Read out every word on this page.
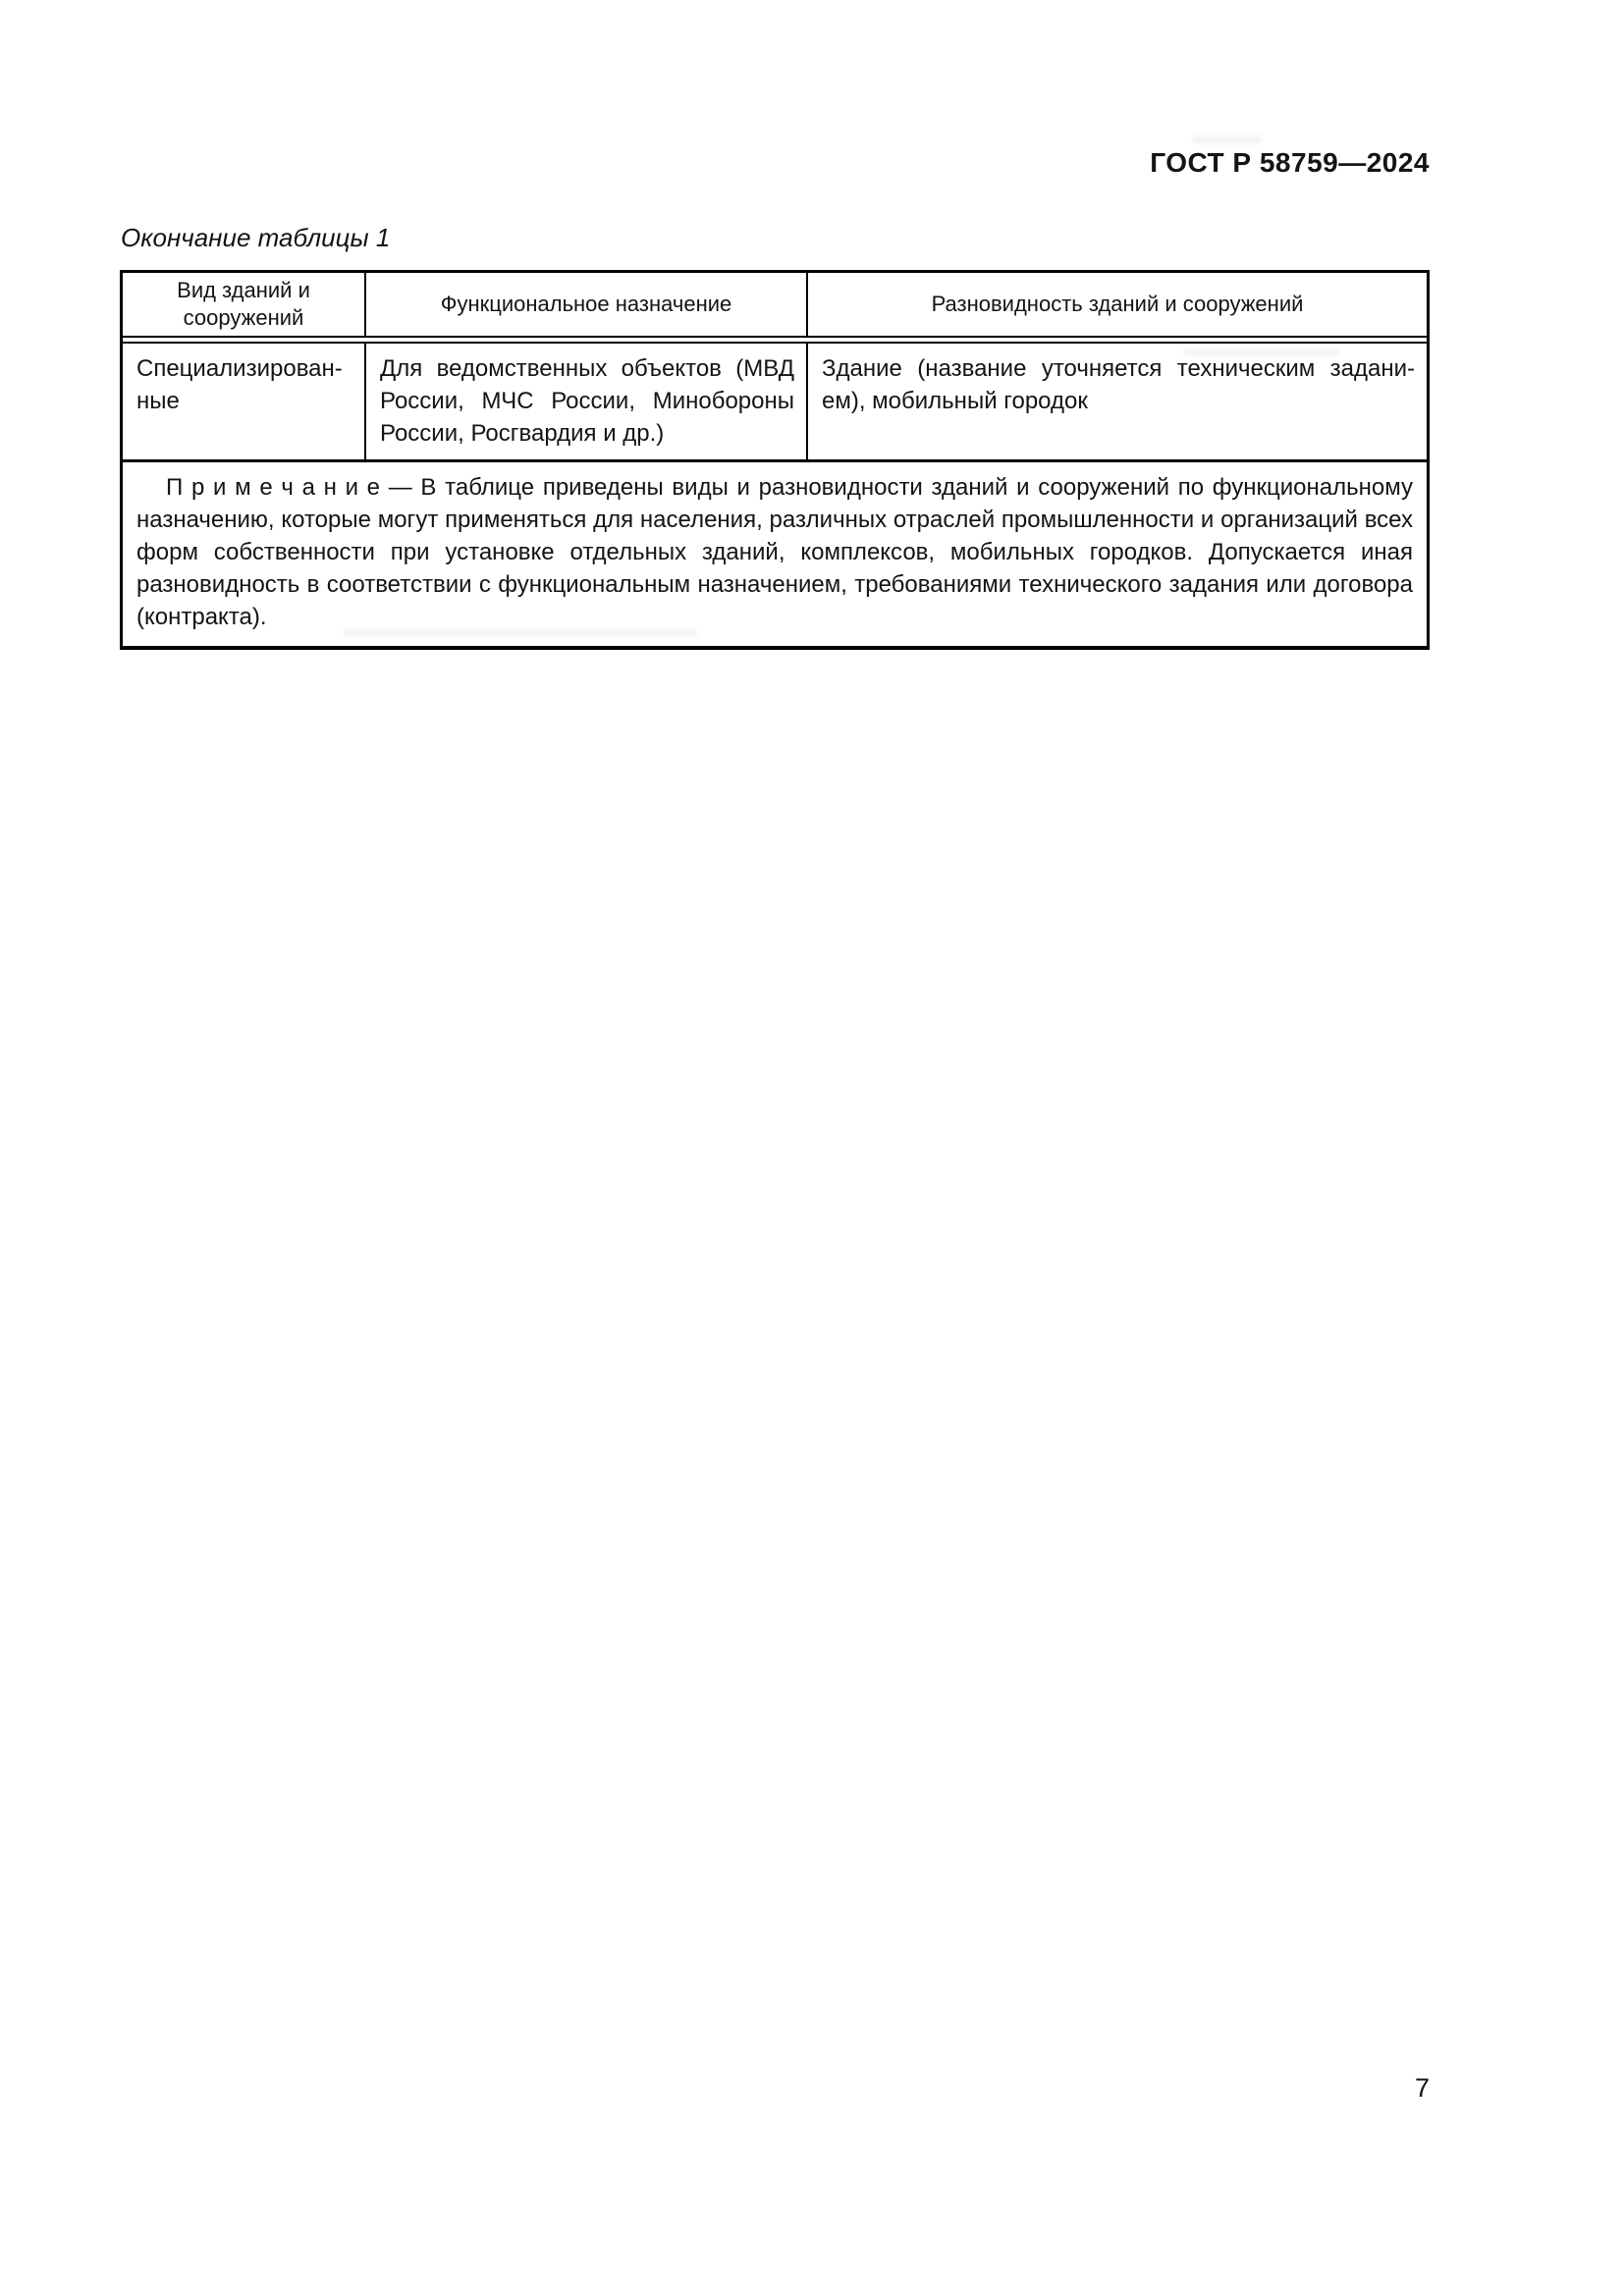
ГОСТ Р 58759—2024
Окончание таблицы 1
Вид зданий и сооружений
Функциональное назначение	Разновидность зданий и сооружений
Специализирован-ные
Для ведомственных объектов (МВД России, МЧС России, Минобороны России, Росгвардия и др.)
Здание (название уточняется техническим задани-ем), мобильный городок
П р и м е ч а н и е — В таблице приведены виды и разновидности зданий и сооружений по функциональному назначению, которые могут применяться для населения, различных отраслей промышленности и организаций всех форм собственности при установке отдельных зданий, комплексов, мобильных городков. Допускается иная разновидность в соответствии с функциональным назначением, требованиями технического задания или договора (контракта).
7
